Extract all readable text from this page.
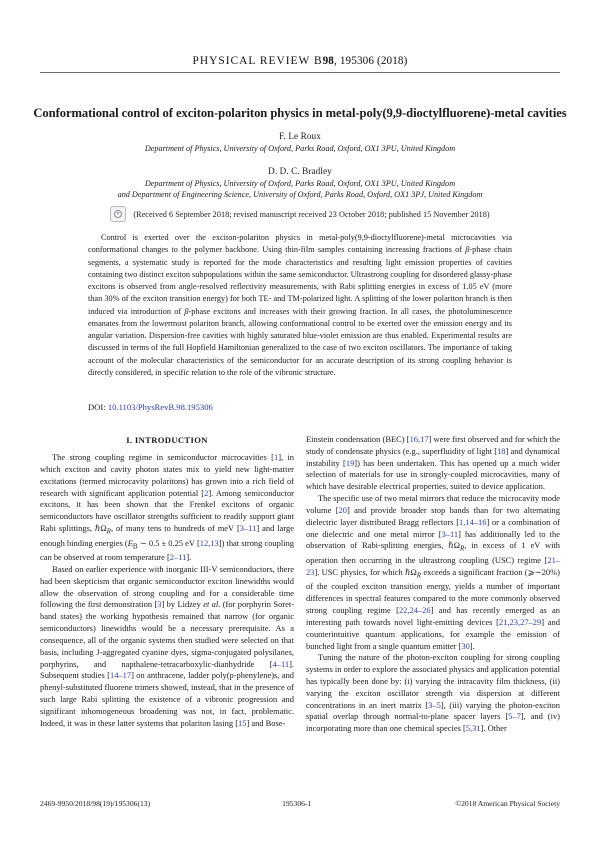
PHYSICAL REVIEW B98, 195306 (2018)
Conformational control of exciton-polariton physics in metal-poly(9,9-dioctylfluorene)-metal cavities
F. Le Roux
Department of Physics, University of Oxford, Parks Road, Oxford, OX1 3PU, United Kingdom
D. D. C. Bradley
Department of Physics, University of Oxford, Parks Road, Oxford, OX1 3PU, United Kingdom
and Department of Engineering Science, University of Oxford, Parks Road, Oxford, OX1 3PJ, United Kingdom
(Received 6 September 2018; revised manuscript received 23 October 2018; published 15 November 2018)
Control is exerted over the exciton-polariton physics in metal-poly(9,9-dioctylfluorene)-metal microcavities via conformational changes to the polymer backbone. Using thin-film samples containing increasing fractions of β-phase chain segments, a systematic study is reported for the mode characteristics and resulting light emission properties of cavities containing two distinct exciton subpopulations within the same semiconductor. Ultrastrong coupling for disordered glassy-phase excitons is observed from angle-resolved reflectivity measurements, with Rabi splitting energies in excess of 1.05 eV (more than 30% of the exciton transition energy) for both TE- and TM-polarized light. A splitting of the lower polariton branch is then induced via introduction of β-phase excitons and increases with their growing fraction. In all cases, the photoluminescence emanates from the lowermost polariton branch, allowing conformational control to be exerted over the emission energy and its angular variation. Dispersion-free cavities with highly saturated blue-violet emission are thus enabled. Experimental results are discussed in terms of the full Hopfield Hamiltonian generalized to the case of two exciton oscillators. The importance of taking account of the molecular characteristics of the semiconductor for an accurate description of its strong coupling behavior is directly considered, in specific relation to the role of the vibronic structure.
DOI: 10.1103/PhysRevB.98.195306
I. INTRODUCTION

The strong coupling regime in semiconductor microcavities [1], in which exciton and cavity photon states mix to yield new light-matter excitations (termed microcavity polaritons) has grown into a rich field of research with significant application potential [2]. Among semiconductor excitons, it has been shown that the Frenkel excitons of organic semiconductors have oscillator strengths sufficient to readily support giant Rabi splittings, ℏΩ$_R$, of many tens to hundreds of meV [3–11] and large enough binding energies ($E_B$ ∼ 0.5 ± 0.25 eV [12,13]) that strong coupling can be observed at room temperature [2–11].

Based on earlier experience with inorganic III-V semiconductors, there had been skepticism that organic semiconductor exciton linewidths would allow the observation of strong coupling and for a considerable time following the first demonstration [3] by Lidzey et al. (for porphyrin Soret-band states) the working hypothesis remained that narrow (for organic semiconductors) linewidths would be a necessary prerequisite. As a consequence, all of the organic systems then studied were selected on that basis, including J-aggregated cyanine dyes, sigma-conjugated polysilanes, porphyrins, and napthalene-tetracarboxylic-dianhydride [4–11]. Subsequent studies [14–17] on anthracene, ladder poly(p-phenylene)s, and phenyl-substituted fluorene trimers showed, instead, that in the presence of such large Rabi splitting the existence of a vibronic progression and significant inhomogeneous broadening was not, in fact, problematic. Indeed, it was in these latter systems that polariton lasing [15] and Bose-

Einstein condensation (BEC) [16,17] were first observed and for which the study of condensate physics (e.g., superfluidity of light [18] and dynamical instability [19]) has been undertaken. This has opened up a much wider selection of materials for use in strongly-coupled microcavities, many of which have desirable electrical properties, suited to device application.

The specific use of two metal mirrors that reduce the microcavity mode volume [20] and provide broader stop bands than for two alternating dielectric layer distributed Bragg reflectors [1,14–16] or a combination of one dielectric and one metal mirror [3–11] has additionally led to the observation of Rabi-splitting energies, ℏΩ$_R$, in excess of 1 eV with operation then occurring in the ultrastrong coupling (USC) regime [21–23]. USC physics, for which ℏΩ$_R$ exceeds a significant fraction (⩾∼20%) of the coupled exciton transition energy, yields a number of important differences in spectral features compared to the more commonly observed strong coupling regime [22,24–26] and has recently emerged as an interesting path towards novel light-emitting devices [21,23,27–29] and counterintuitive quantum applications, for example the emission of bunched light from a single quantum emitter [30].

Tuning the nature of the photon-exciton coupling for strong coupling systems in order to explore the associated physics and application potential has typically been done by: (i) varying the intracavity film thickness, (ii) varying the exciton oscillator strength via dispersion at different concentrations in an inert matrix [3–5], (iii) varying the photon-exciton spatial overlap through normal-to-plane spacer layers [5–7], and (iv) incorporating more than one chemical species [5,31]. Other

2469-9950/2018/98(19)/195306(13)	195306-1	©2018 American Physical Society
